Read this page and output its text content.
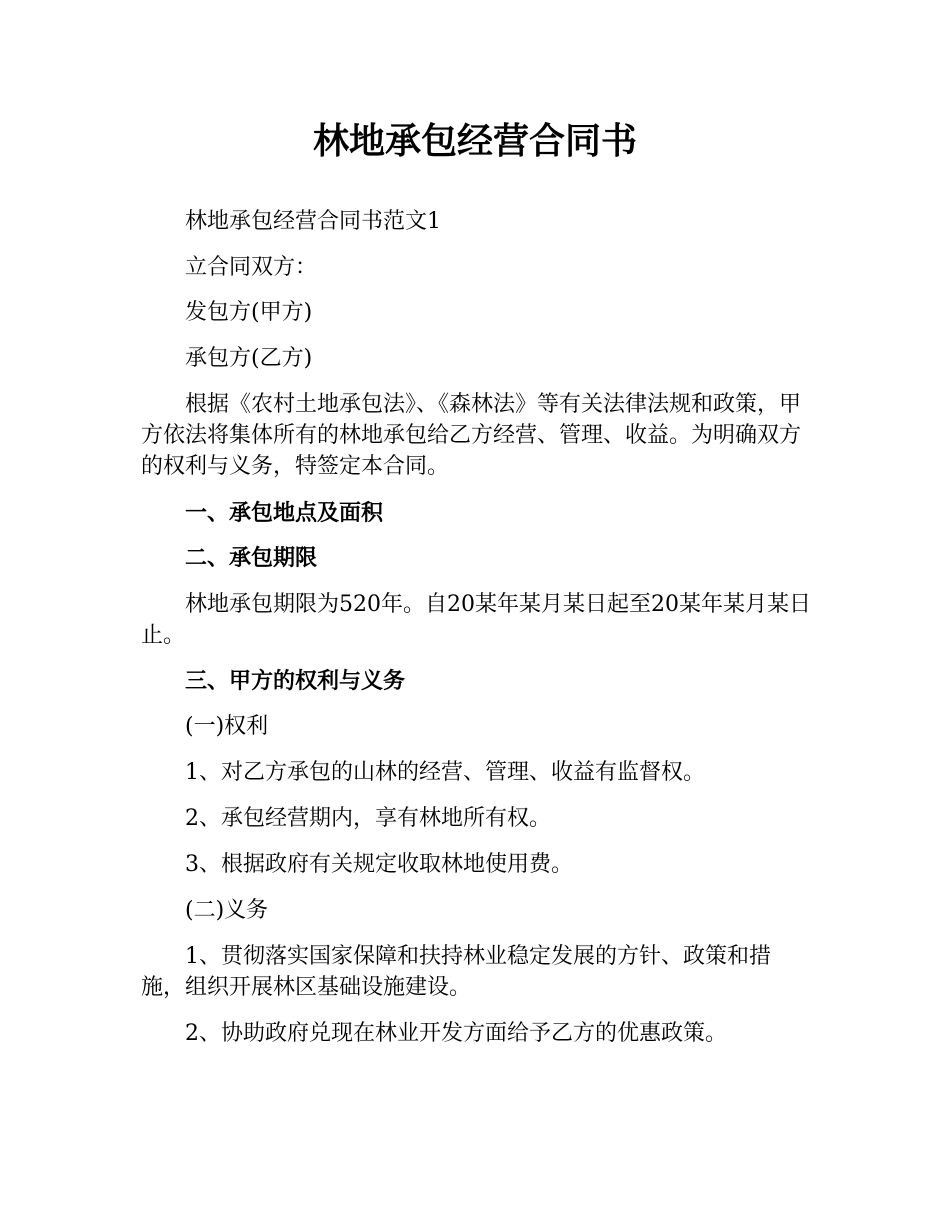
林地承包经营合同书

林地承包经营合同书范文1

立合同双方：

发包方(甲方)

承包方(乙方)

根据《农村土地承包法》、《森林法》等有关法律法规和政策，甲方依法将集体所有的林地承包给乙方经营、管理、收益。为明确双方的权利与义务，特签定本合同。

一、承包地点及面积

二、承包期限

林地承包期限为520年。自20某年某月某日起至20某年某月某日止。

三、甲方的权利与义务

(一)权利

1、对乙方承包的山林的经营、管理、收益有监督权。

2、承包经营期内，享有林地所有权。

3、根据政府有关规定收取林地使用费。

(二)义务

1、贯彻落实国家保障和扶持林业稳定发展的方针、政策和措施，组织开展林区基础设施建设。

2、协助政府兑现在林业开发方面给予乙方的优惠政策。
